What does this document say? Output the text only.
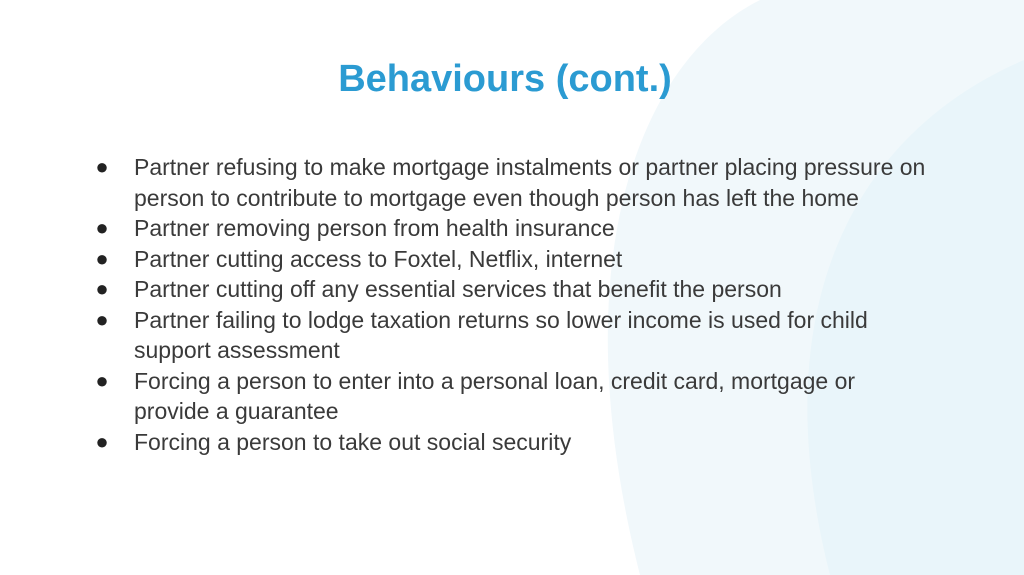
Behaviours (cont.)
● Partner refusing to make mortgage instalments or partner placing pressure on person to contribute to mortgage even though person has left the home
● Partner removing person from health insurance
● Partner cutting access to Foxtel, Netflix, internet
● Partner cutting off any essential services that benefit the person
● Partner failing to lodge taxation returns so lower income is used for child support assessment
● Forcing a person to enter into a personal loan, credit card, mortgage or provide a guarantee
● Forcing a person to take out social security
